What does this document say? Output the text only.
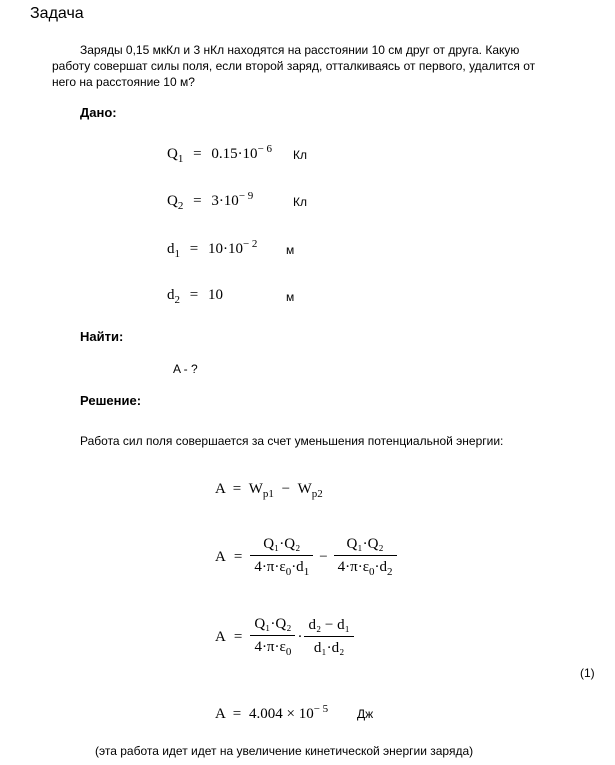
Задача
Заряды 0,15 мкКл и 3 нКл находятся на расстоянии 10 см друг от друга. Какую
работу совершат силы поля, если второй заряд, отталкиваясь от первого, удалится от
него на расстояние 10 м?
Дано:
$Q_1 = 0.15\cdot 10^{- 6}$ Кл
$Q_2 = 3\cdot 10^{- 9}$	Кл
$d_1 = 10\cdot 10^{- 2}$ м
$d_2 = 10$	м
Найти:
A - ?
Решение:
Работа сил поля совершается за счет уменьшения потенциальной энергии:
$A = W_{p1} - W_{p2}$
$A = \frac{\text{Q₁·Q₂}}{4\cdot\pi\cdot\varepsilon_0\cdot d_1} - \frac{\text{Q₁·Q₂}}{4\cdot\pi\cdot\varepsilon_0\cdot d_2}$
$A = \frac{\text{Q₁·Q₂}}{4\cdot\pi\cdot\varepsilon_0} \cdot \frac{\text{d₂ − d₁}}{\text{d₁·d₂}}$
(1)
$A = 4.004 \times 10^{- 5}$ Дж
(эта работа идет идет на увеличение кинетической энергии заряда)
